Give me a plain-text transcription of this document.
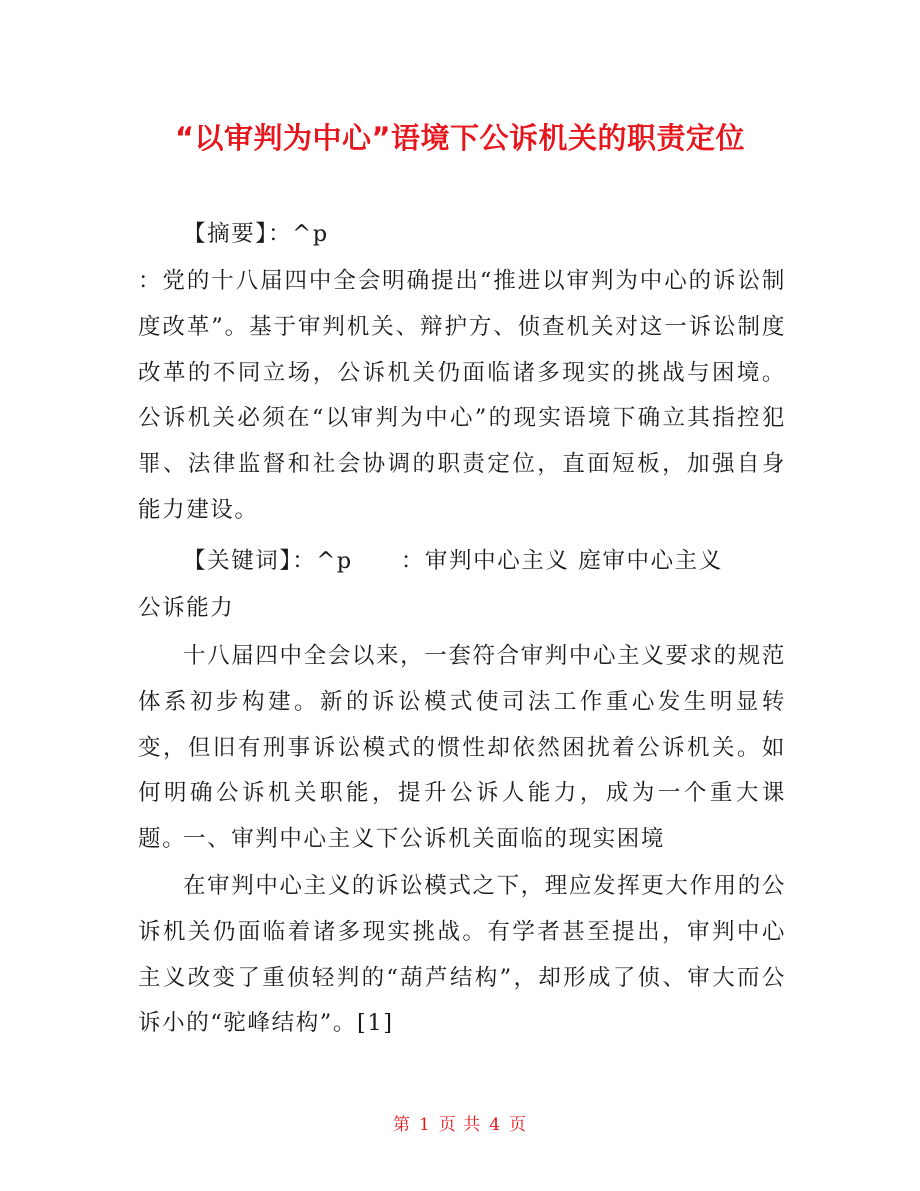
“以审判为中心”语境下公诉机关的职责定位
【摘要】：^p
：党的十八届四中全会明确提出“推进以审判为中心的诉讼制度改革”。基于审判机关、辩护方、侦查机关对这一诉讼制度改革的不同立场，公诉机关仍面临诸多现实的挑战与困境。公诉机关必须在“以审判为中心”的现实语境下确立其指控犯罪、法律监督和社会协调的职责定位，直面短板，加强自身能力建设。
【关键词】：^p ：审判中心主义 庭审中心主义
公诉能力
十八届四中全会以来，一套符合审判中心主义要求的规范体系初步构建。新的诉讼模式使司法工作重心发生明显转变，但旧有刑事诉讼模式的惯性却依然困扰着公诉机关。如何明确公诉机关职能，提升公诉人能力，成为一个重大课题。
一、审判中心主义下公诉机关面临的现实困境
在审判中心主义的诉讼模式之下，理应发挥更大作用的公诉机关仍面临着诸多现实挑战。有学者甚至提出，审判中心主义改变了重侦轻判的“葫芦结构”，却形成了侦、审大而公诉小的“驼峰结构”。[1]
第 1 页 共 4 页
